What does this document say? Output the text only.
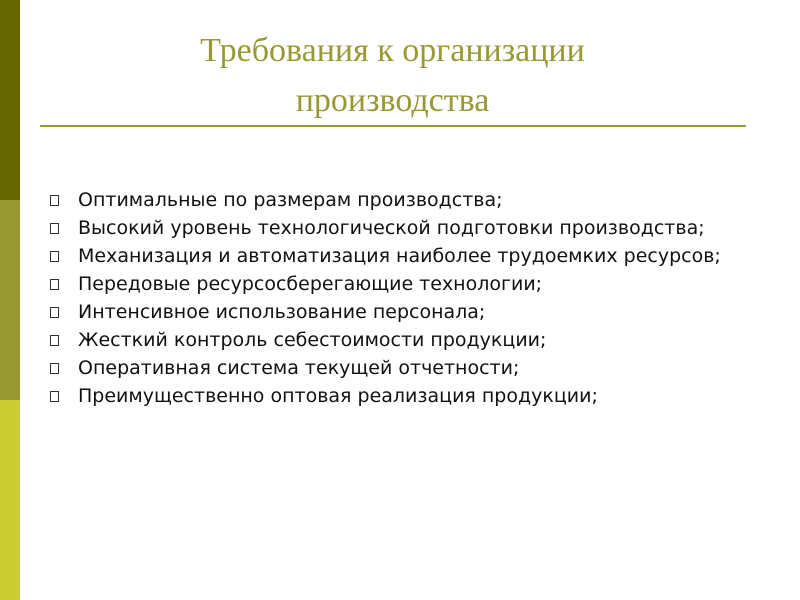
Требования к организации
производства
Оптимальные по размерам производства;
Высокий уровень технологической подготовки производства;
Механизация и автоматизация наиболее трудоемких ресурсов;
Передовые ресурсосберегающие технологии;
Интенсивное использование персонала;
Жесткий контроль себестоимости продукции;
Оперативная система текущей отчетности;
Преимущественно оптовая реализация продукции;
